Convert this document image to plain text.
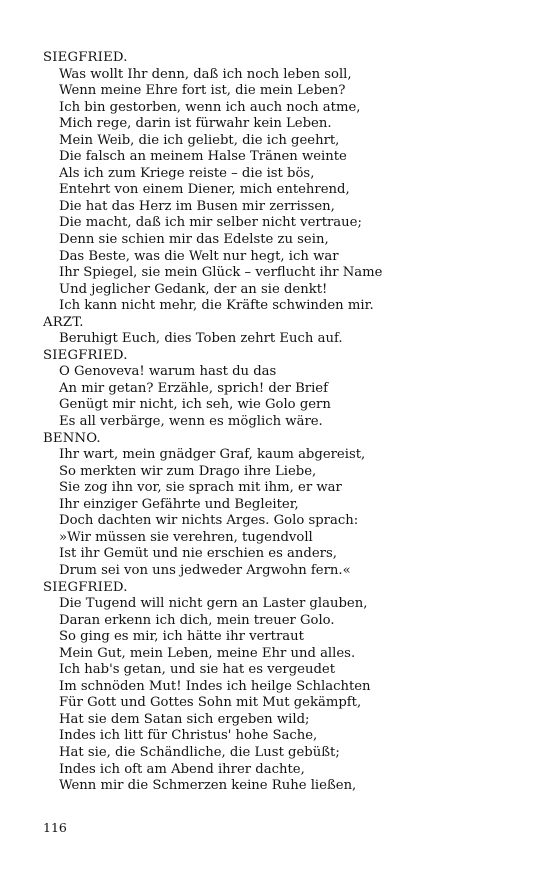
SIEGFRIED.
Was wollt Ihr denn, daß ich noch leben soll,
Wenn meine Ehre fort ist, die mein Leben?
Ich bin gestorben, wenn ich auch noch atme,
Mich rege, darin ist fürwahr kein Leben.
Mein Weib, die ich geliebt, die ich geehrt,
Die falsch an meinem Halse Tränen weinte
Als ich zum Kriege reiste – die ist bös,
Entehrt von einem Diener, mich entehrend,
Die hat das Herz im Busen mir zerrissen,
Die macht, daß ich mir selber nicht vertraue;
Denn sie schien mir das Edelste zu sein,
Das Beste, was die Welt nur hegt, ich war
Ihr Spiegel, sie mein Glück – verflucht ihr Name
Und jeglicher Gedank, der an sie denkt!
Ich kann nicht mehr, die Kräfte schwinden mir.
ARZT.
Beruhigt Euch, dies Toben zehrt Euch auf.
SIEGFRIED.
O Genoveva! warum hast du das
An mir getan? Erzähle, sprich! der Brief
Genügt mir nicht, ich seh, wie Golo gern
Es all verbärge, wenn es möglich wäre.
BENNO.
Ihr wart, mein gnädger Graf, kaum abgereist,
So merkten wir zum Drago ihre Liebe,
Sie zog ihn vor, sie sprach mit ihm, er war
Ihr einziger Gefährte und Begleiter,
Doch dachten wir nichts Arges. Golo sprach:
»Wir müssen sie verehren, tugendvoll
Ist ihr Gemüt und nie erschien es anders,
Drum sei von uns jedweder Argwohn fern.«
SIEGFRIED.
Die Tugend will nicht gern an Laster glauben,
Daran erkenn ich dich, mein treuer Golo.
So ging es mir, ich hätte ihr vertraut
Mein Gut, mein Leben, meine Ehr und alles.
Ich hab's getan, und sie hat es vergeudet
Im schnöden Mut! Indes ich heilge Schlachten
Für Gott und Gottes Sohn mit Mut gekämpft,
Hat sie dem Satan sich ergeben wild;
Indes ich litt für Christus' hohe Sache,
Hat sie, die Schändliche, die Lust gebüßt;
Indes ich oft am Abend ihrer dachte,
Wenn mir die Schmerzen keine Ruhe ließen,
116
